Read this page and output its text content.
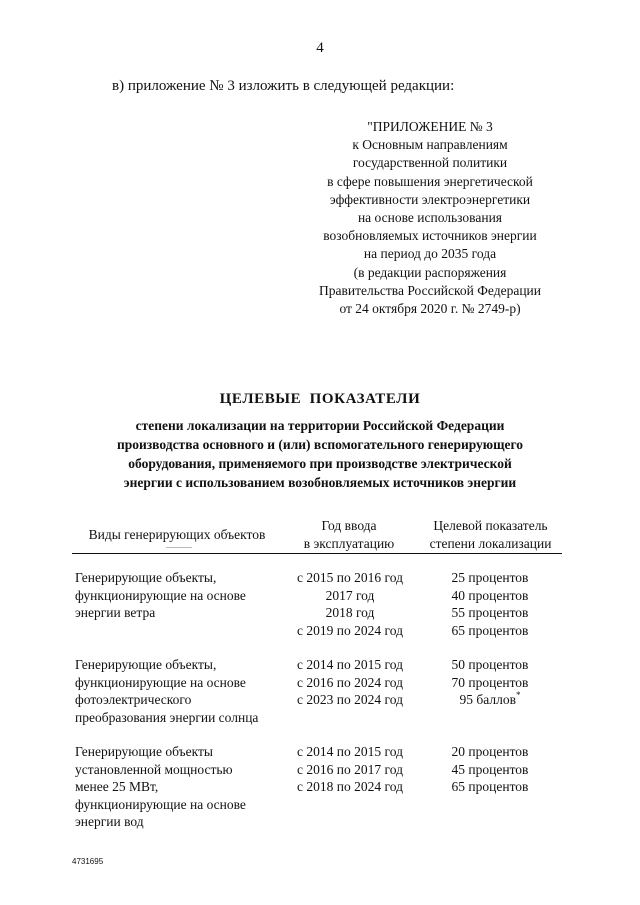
4
в) приложение № 3 изложить в следующей редакции:
"ПРИЛОЖЕНИЕ № 3
к Основным направлениям
государственной политики
в сфере повышения энергетической
эффективности электроэнергетики
на основе использования
возобновляемых источников энергии
на период до 2035 года
(в редакции распоряжения
Правительства Российской Федерации
от 24 октября 2020 г. № 2749-р)
ЦЕЛЕВЫЕ ПОКАЗАТЕЛИ
степени локализации на территории Российской Федерации
производства основного и (или) вспомогательного генерирующего
оборудования, применяемого при производстве электрической
энергии с использованием возобновляемых источников энергии
Виды генерирующих объектов
Год ввода
в эксплуатацию
Целевой показатель
степени локализации
Генерирующие объекты,
функционирующие на основе
энергии ветра
с 2015 по 2016 год
2017 год
2018 год
с 2019 по 2024 год
25 процентов
40 процентов
55 процентов
65 процентов
Генерирующие объекты,
функционирующие на основе
фотоэлектрического
преобразования энергии солнца
с 2014 по 2015 год
с 2016 по 2024 год
с 2023 по 2024 год
50 процентов
70 процентов
95 баллов*
Генерирующие объекты
установленной мощностью
менее 25 МВт,
функционирующие на основе
энергии вод
с 2014 по 2015 год
с 2016 по 2017 год
с 2018 по 2024 год
20 процентов
45 процентов
65 процентов
4731695
